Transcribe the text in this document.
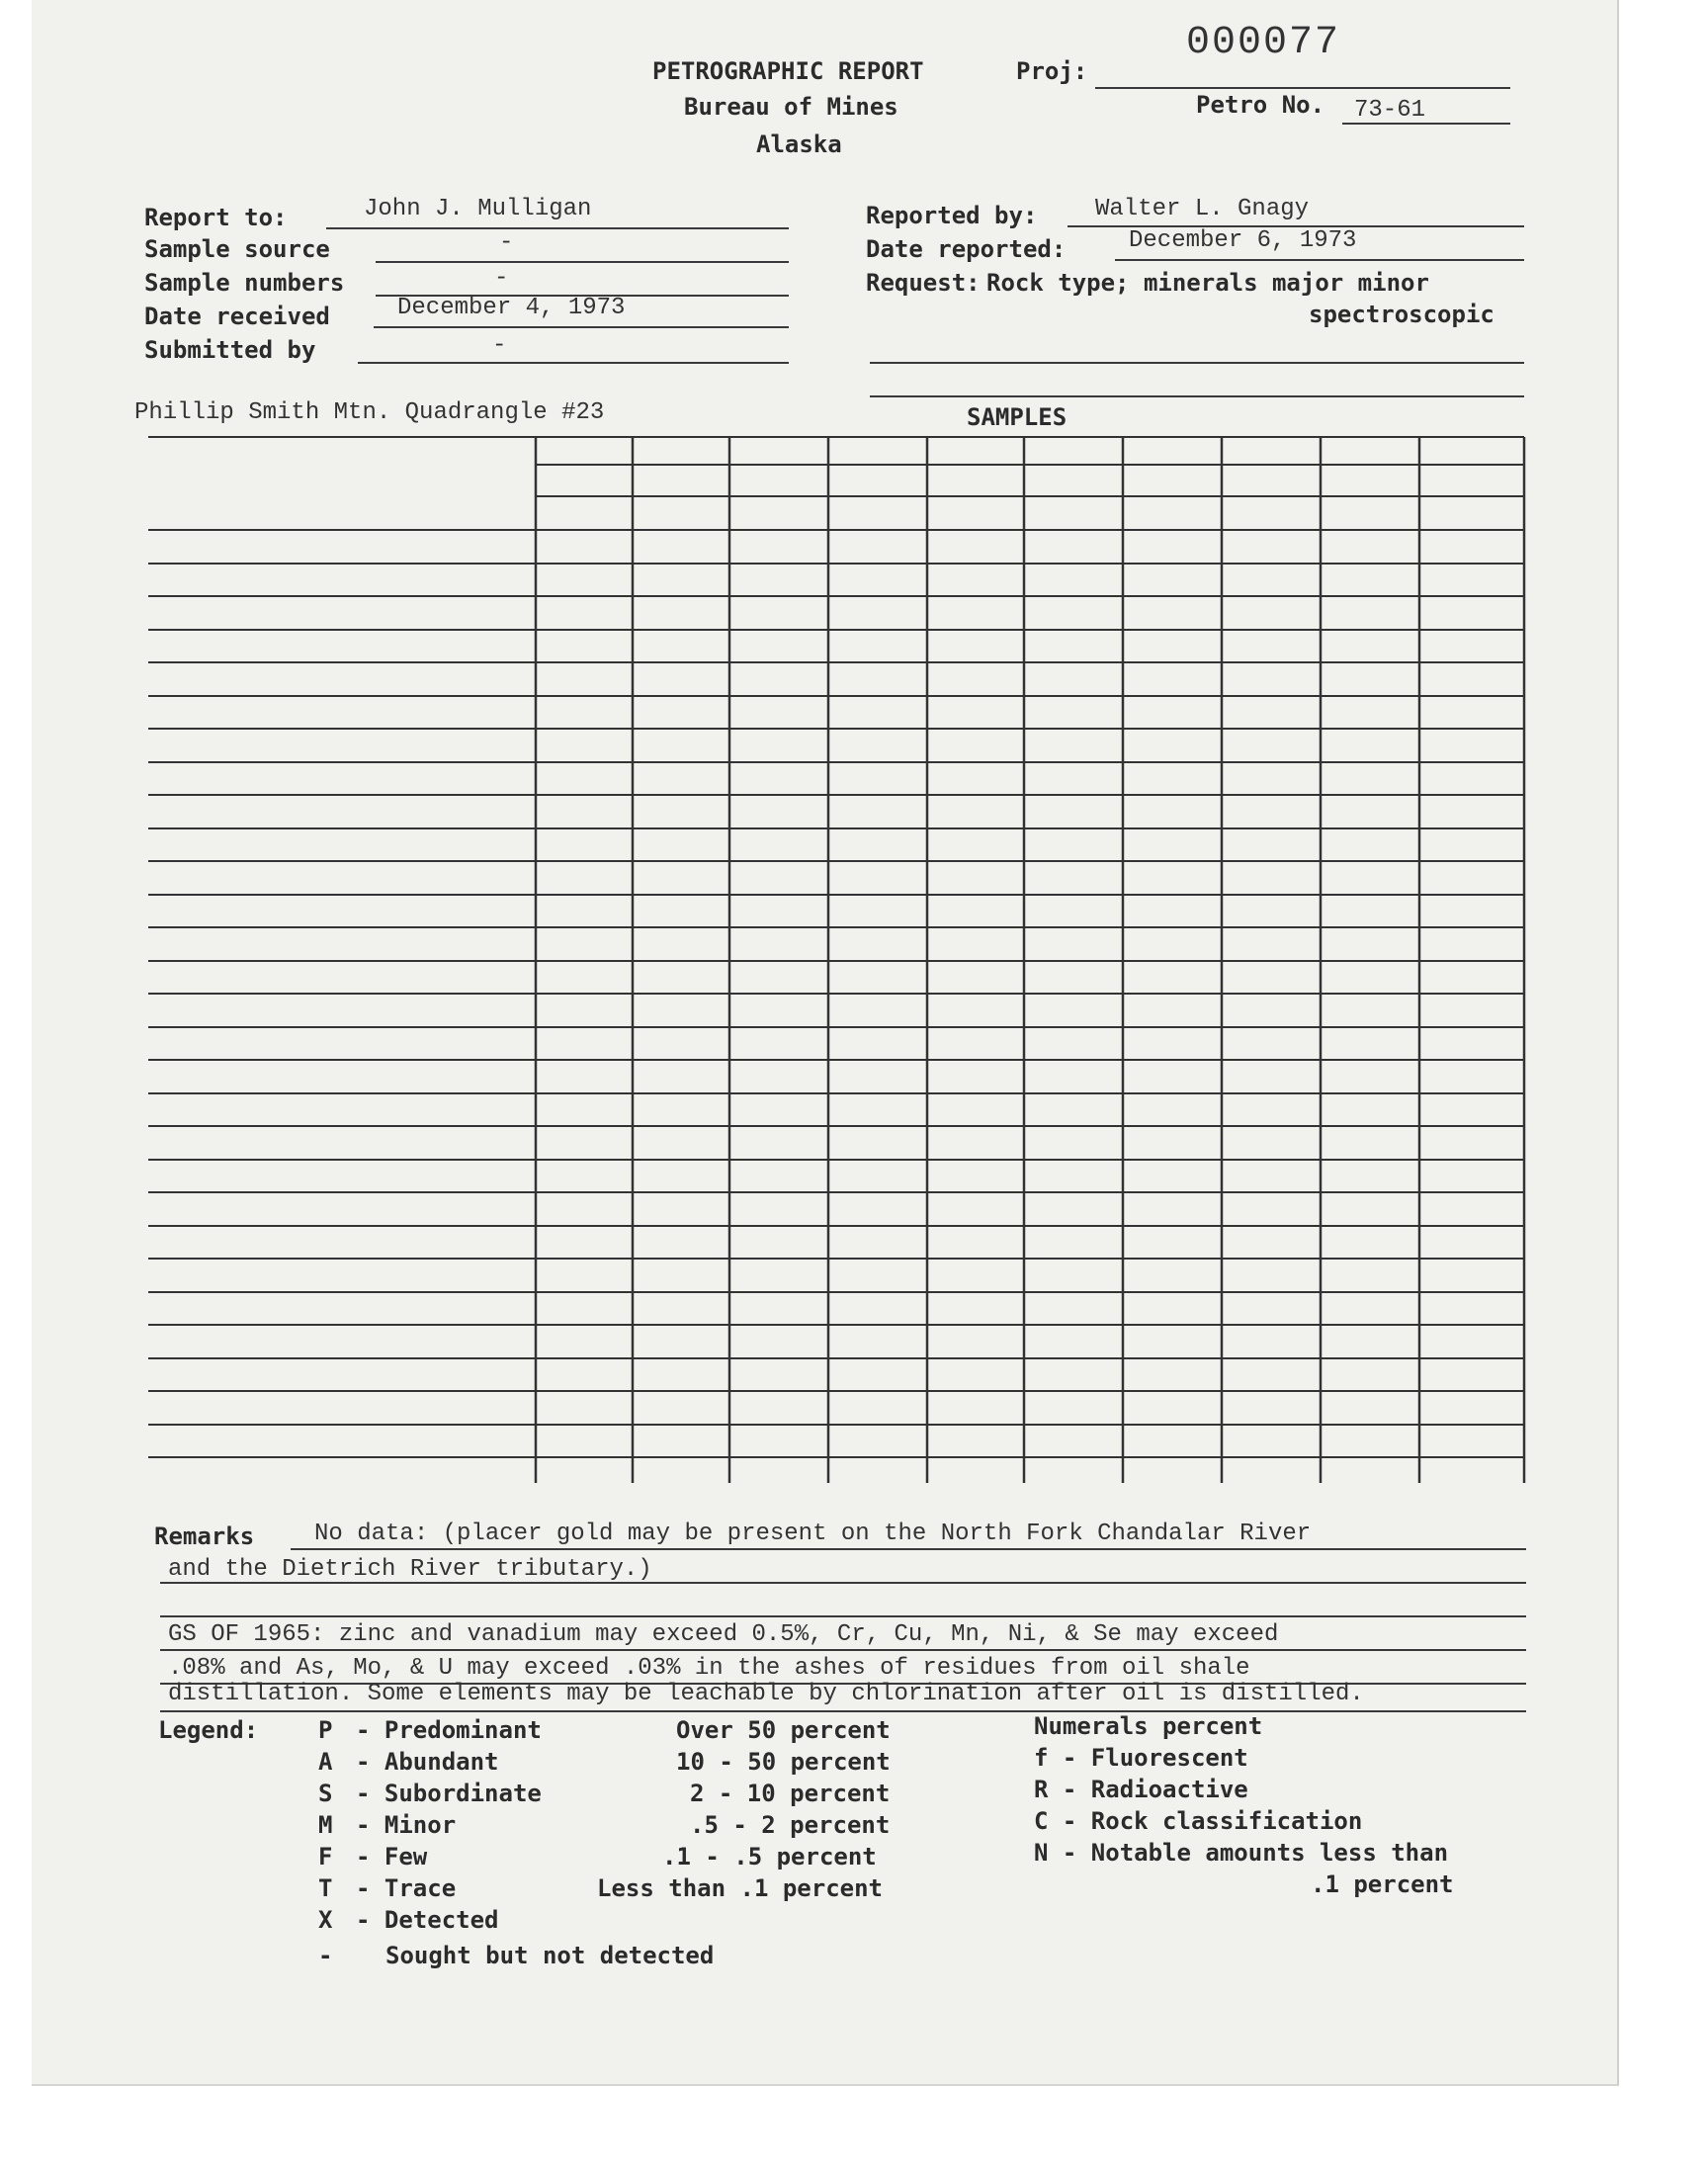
PETROGRAPHIC REPORT	Proj:
000077
Bureau of Mines	Petro No. 73-61
Alaska
Report to:	John J. Mulligan
Sample source	-
Sample numbers	-
Date received	December 4, 1973
Submitted by	-
Reported by: Walter L. Gnagy
Date reported:	December 6, 1973
Request: Rock type; minerals major minor
spectroscopic
Phillip Smith Mtn. Quadrangle #23	SAMPLES
Remarks	No data: (placer gold may be present on the North Fork Chandalar River
and the Dietrich River tributary.)
GS OF 1965: zinc and vanadium may exceed 0.5%, Cr, Cu, Mn, Ni, & Se may exceed
.08% and As, Mo, & U may exceed .03% in the ashes of residues from oil shale
distillation. Some elements may be leachable by chlorination after oil is distilled.
Legend:	P - Predominant	Over 50 percent
A - Abundant	10 - 50 percent
S - Subordinate	2 - 10 percent
M - Minor	.5 - 2 percent
F - Few	.1 - .5 percent
T - Trace	Less than .1 percent
X - Detected
- Sought but not detected
Numerals percent
f - Fluorescent
R - Radioactive
C - Rock classification
N - Notable amounts less than
.1 percent
